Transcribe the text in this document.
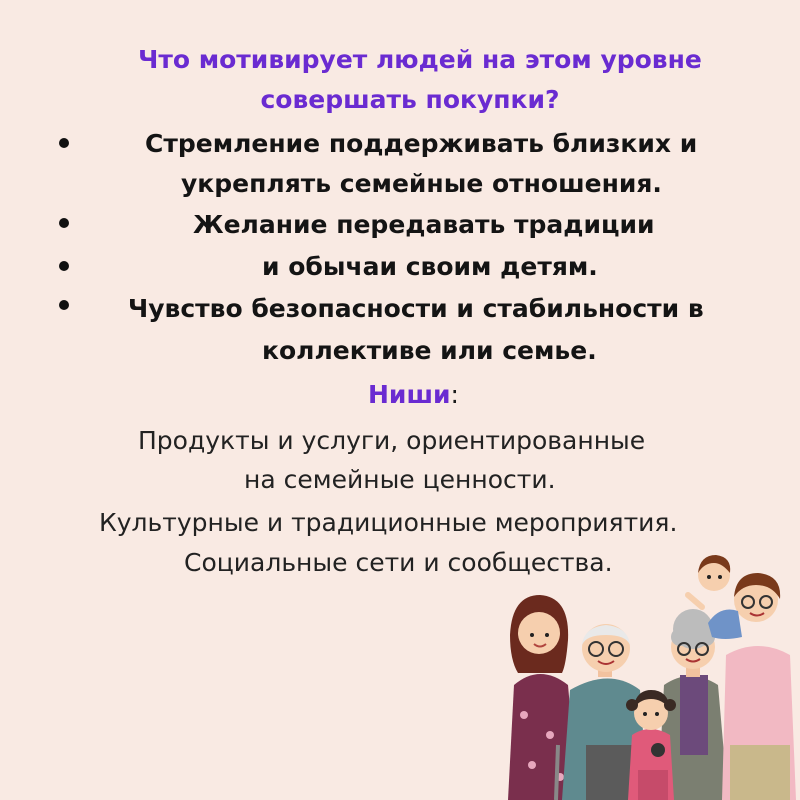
Что мотивирует людей на этом уровне
совершать покупки?
Стремление поддерживать близких и
укреплять семейные отношения.
Желание передавать традиции
и обычаи своим детям.
Чувство безопасности и стабильности в
коллективе или семье.
Ниши:
Продукты и услуги, ориентированные
на семейные ценности.
Культурные и традиционные мероприятия.
Социальные сети и сообщества.
